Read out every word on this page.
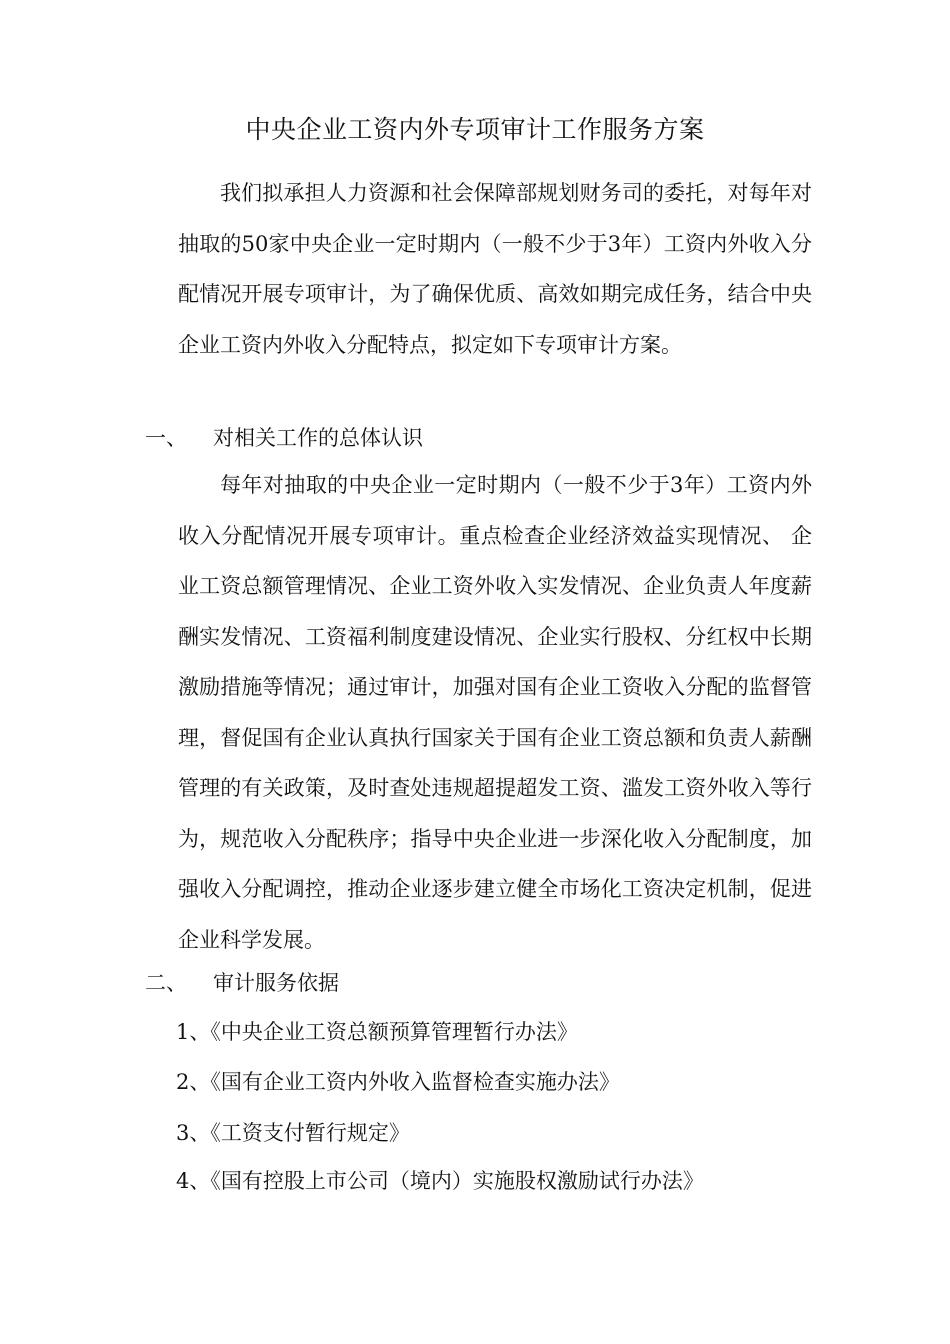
中央企业工资内外专项审计工作服务方案

我们拟承担人力资源和社会保障部规划财务司的委托，对每年对抽取的50家中央企业一定时期内（一般不少于3年）工资内外收入分配情况开展专项审计，为了确保优质、高效如期完成任务，结合中央企业工资内外收入分配特点，拟定如下专项审计方案。

一、 对相关工作的总体认识

每年对抽取的中央企业一定时期内（一般不少于3年）工资内外收入分配情况开展专项审计。重点检查企业经济效益实现情况、 企业工资总额管理情况、企业工资外收入实发情况、企业负责人年度薪酬实发情况、工资福利制度建设情况、企业实行股权、分红权中长期激励措施等情况；通过审计，加强对国有企业工资收入分配的监督管理，督促国有企业认真执行国家关于国有企业工资总额和负责人薪酬管理的有关政策，及时查处违规超提超发工资、滥发工资外收入等行为，规范收入分配秩序；指导中央企业进一步深化收入分配制度，加强收入分配调控，推动企业逐步建立健全市场化工资决定机制，促进企业科学发展。

二、 审计服务依据
1、《中央企业工资总额预算管理暂行办法》
2、《国有企业工资内外收入监督检查实施办法》
3、《工资支付暂行规定》
4、《国有控股上市公司（境内）实施股权激励试行办法》
